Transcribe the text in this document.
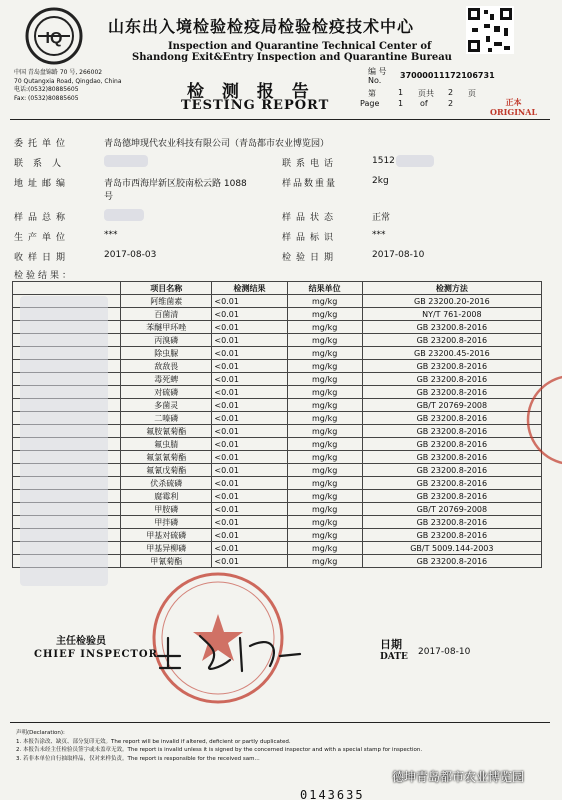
IQ
山东出入境检验检疫局检验检疫技术中心
Inspection and Quarantine Technical Center of
Shandong Exit&Entry Inspection and Quarantine Bureau
中国 青岛盘锦路 70 号, 266002
70 Qutangxia Road, Qingdao, China
电话:(0532)80885605
Fax: (0532)80885605	检 测 报 告
TESTING REPORT
编 号
No.
37000011172106731
第	1 页共 2 页
Page 1 of	2	正本
ORIGINAL
委托单位	青岛德坤现代农业科技有限公司（青岛都市农业博览园）
联系人	联系电话	1512
地址邮编	青岛市西海岸新区胶南松云路 1088
号
样品数重量	2kg
样品总称	样品状态	正常
生产单位	***	样品标识	***
收样日期	2017-08-03	检验日期	2017-08-10
检验结果：
	项目名称	检测结果	结果单位	检测方法
	阿维菌素	<0.01	mg/kg	GB 23200.20-2016
	百菌清	<0.01	mg/kg	NY/T 761-2008
	苯醚甲环唑	<0.01	mg/kg	GB 23200.8-2016
	丙溴磷	<0.01	mg/kg	GB 23200.8-2016
	除虫脲	<0.01	mg/kg	GB 23200.45-2016
	敌敌畏	<0.01	mg/kg	GB 23200.8-2016
	毒死蜱	<0.01	mg/kg	GB 23200.8-2016
	对硫磷	<0.01	mg/kg	GB 23200.8-2016
	多菌灵	<0.01	mg/kg	GB/T 20769-2008
	二嗪磷	<0.01	mg/kg	GB 23200.8-2016
	氟胺氰菊酯	<0.01	mg/kg	GB 23200.8-2016
	氟虫腈	<0.01	mg/kg	GB 23200.8-2016
	氟氯氰菊酯	<0.01	mg/kg	GB 23200.8-2016
	氟氰戊菊酯	<0.01	mg/kg	GB 23200.8-2016
	伏杀硫磷	<0.01	mg/kg	GB 23200.8-2016
	腐霉利	<0.01	mg/kg	GB 23200.8-2016
	甲胺磷	<0.01	mg/kg	GB/T 20769-2008
	甲拌磷	<0.01	mg/kg	GB 23200.8-2016
	甲基对硫磷	<0.01	mg/kg	GB 23200.8-2016
	甲基异柳磷	<0.01	mg/kg	GB/T 5009.144-2003
	甲氰菊酯	<0.01	mg/kg	GB 23200.8-2016
主任检验员
CHIEF INSPECTOR
日期
DATE 2017-08-10
声明(Declaration):
1. 本报告涂改、缺页、部分复印无效。The report will be invalid if altered, deficient or partly duplicated.
2. 本报告未经主任检验员签字或未盖章无效。The report is invalid unless it is signed by the concerned inspector and with a special stamp for inspection.
3. 若非本单位自行抽取样品，仅对来样负责。The report is responsible for the received sam...
德坤青岛都市农业博览园
0143635
